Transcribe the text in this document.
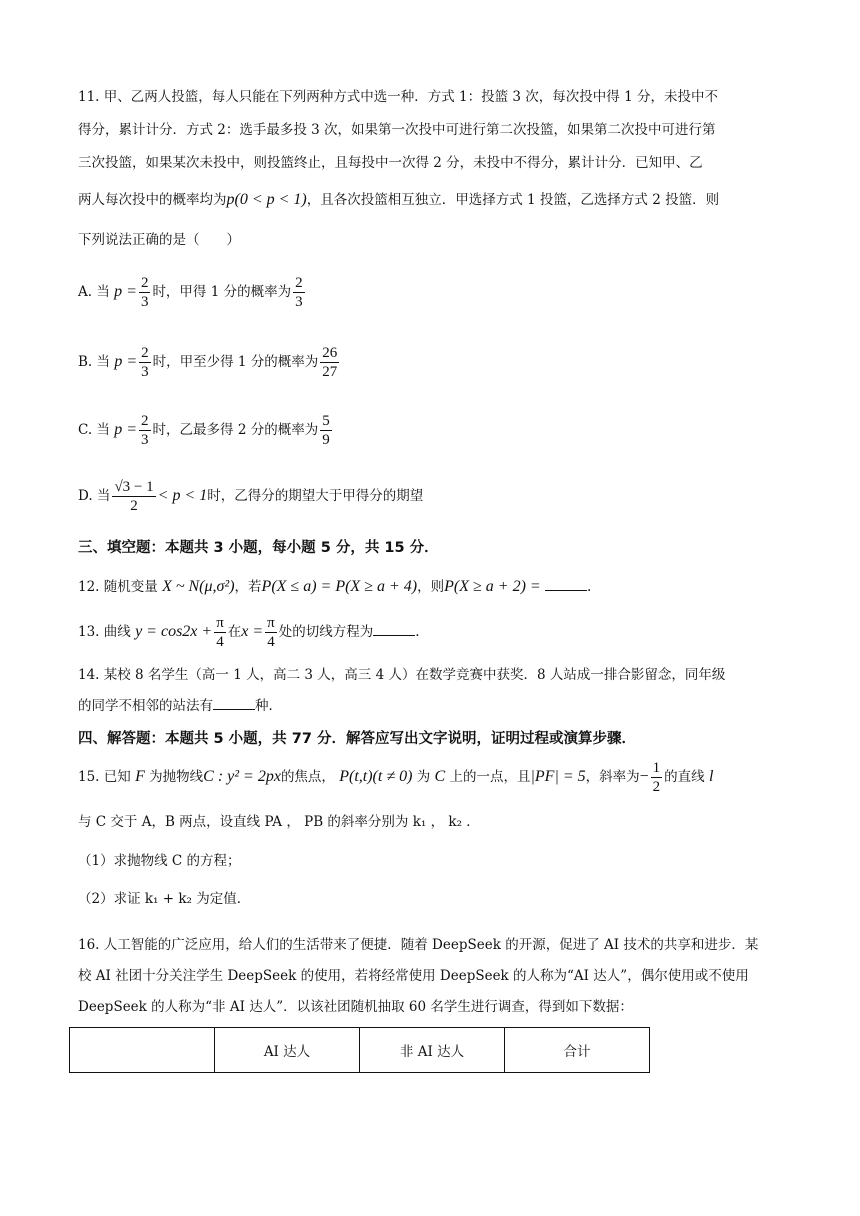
11. 甲、乙两人投篮，每人只能在下列两种方式中选一种．方式 1：投篮 3 次，每次投中得 1 分，未投中不
得分，累计计分．方式 2：选手最多投 3 次，如果第一次投中可进行第二次投篮，如果第二次投中可进行第
三次投篮，如果某次未投中，则投篮终止，且每投中一次得 2 分，未投中不得分，累计计分．已知甲、乙
两人每次投中的概率均为p(0 < p < 1)，且各次投篮相互独立．甲选择方式 1 投篮，乙选择方式 2 投篮．则
下列说法正确的是（　　）
A. 当 $p = \frac{2}{3}$ 时，甲得 1 分的概率为 $\frac{2}{3}$
B. 当 $p = \frac{2}{3}$ 时，甲至少得 1 分的概率为 $\frac{26}{27}$
C. 当 $p = \frac{2}{3}$ 时，乙最多得 2 分的概率为 $\frac{5}{9}$
D. 当 $\frac{√3 - 1}{2} < p < 1$时，乙得分的期望大于甲得分的期望
三、填空题：本题共 3 小题，每小题 5 分，共 15 分．
12. 随机变量 X ~ N(μ,σ²)，若P(X ≤ a) = P(X ≥ a + 4)，则P(X ≥ a + 2) =	.
13. 曲线 $y = \cos 2x + \frac{\pi}{4}$ 在$x = \frac{\pi}{4}$ 处的切线方程为	.
14. 某校 8 名学生（高一 1 人，高二 3 人，高三 4 人）在数学竞赛中获奖．8 人站成一排合影留念，同年级
的同学不相邻的站法有	种．
四、解答题：本题共 5 小题，共 77 分．解答应写出文字说明，证明过程或演算步骤．
15. 已知 F 为抛物线C : y² = 2px的焦点， P(t,t)(t ≠ 0) 为 C 上的一点，且|PF| = 5，斜率为− $\frac{1}{2}$ 的直线 l
与 C 交于 A，B 两点，设直线 PA ， PB 的斜率分别为 k₁ ， k₂ ．
（1）求抛物线 C 的方程；
（2）求证 k₁ + k₂ 为定值．
16. 人工智能的广泛应用，给人们的生活带来了便捷．随着 DeepSeek 的开源，促进了 AI 技术的共享和进步．某
校 AI 社团十分关注学生 DeepSeek 的使用，若将经常使用 DeepSeek 的人称为“AI 达人”，偶尔使用或不使用
DeepSeek 的人称为“非 AI 达人”．以该社团随机抽取 60 名学生进行调查，得到如下数据：
	AI 达人	非 AI 达人	合计
